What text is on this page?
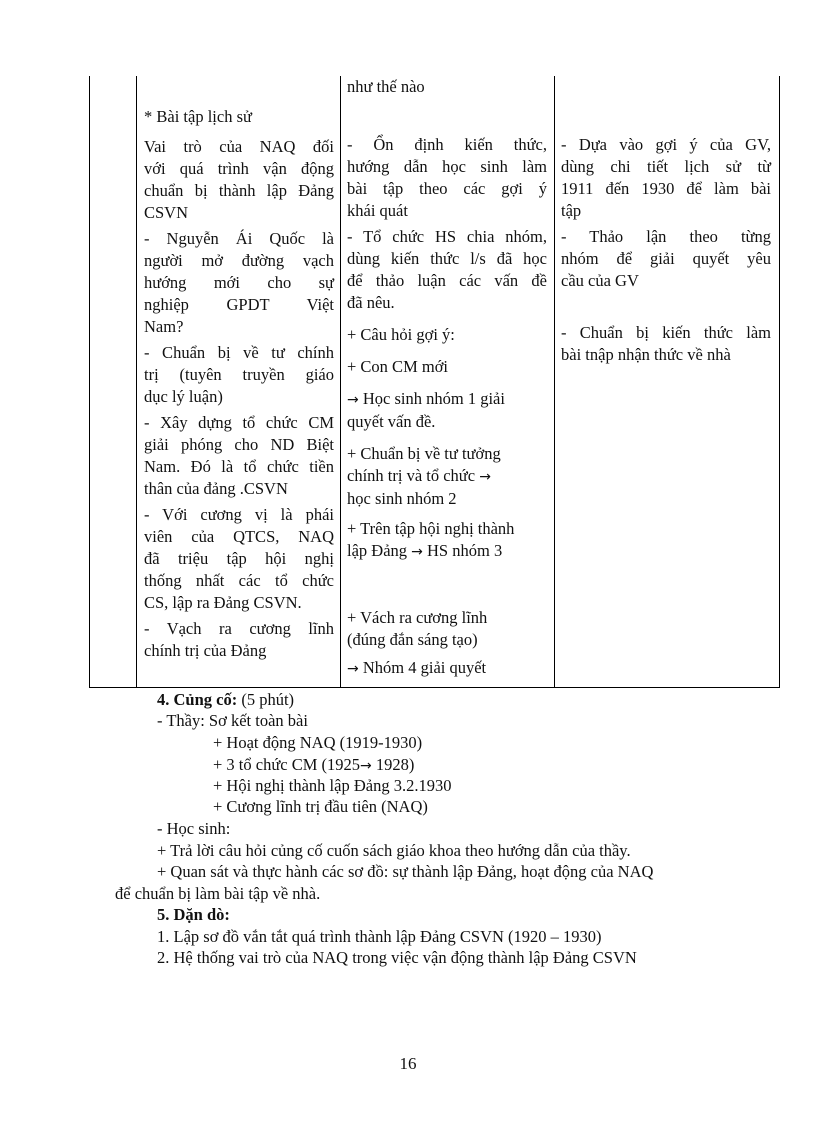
* Bài tập lịch sử

Vai trò của NAQ đối

với quá trình vận động

chuẩn bị thành lập Đảng

CSVN

- Nguyễn Ái Quốc là

người mở đường vạch

hướng mới cho sự

nghiệp GPDT Việt

Nam?

- Chuẩn bị về tư chính

trị (tuyên truyền giáo

dục lý luận)

- Xây dựng tổ chức CM

giải phóng cho ND Biệt

Nam. Đó là tổ chức tiền

thân của đảng .CSVN

- Với cương vị là phái

viên của QTCS, NAQ

đã triệu tập hội nghị

thống nhất các tổ chức

CS, lập ra Đảng CSVN.

- Vạch ra cương lĩnh

chính trị của Đảng

như thế nào

- Ổn định kiến thức,

hướng dẫn học sinh làm

bài tập theo các gợi ý

khái quát

- Tổ chức HS chia nhóm,

dùng kiến thức l/s đã học

để thảo luận các vấn đề

đã nêu.

+ Câu hỏi gợi ý:

+ Con CM mới

→ Học sinh nhóm 1 giải

quyết vấn đề.

+ Chuẩn bị về tư tưởng

chính trị và tổ chức →

học sinh nhóm 2

+ Trên tập hội nghị thành

lập Đảng → HS nhóm 3

+ Vách ra cương lĩnh

(đúng đắn sáng tạo)

→ Nhóm 4 giải quyết

- Dựa vào gợi ý của GV,

dùng chi tiết lịch sử từ

1911 đến 1930 để làm bài

tập

- Thảo lận theo từng

nhóm để giải quyết yêu

cầu của GV

- Chuẩn bị kiến thức làm

bài tnập nhận thức về nhà

4. Củng cố: (5 phút)
- Thầy: Sơ kết toàn bài
+ Hoạt động NAQ (1919-1930)
+ 3 tổ chức CM (1925→ 1928)
+ Hội nghị thành lập Đảng 3.2.1930
+ Cương lĩnh trị đầu tiên (NAQ)
- Học sinh:
+ Trả lời câu hỏi củng cố cuốn sách giáo khoa theo hướng dẫn của thầy.
+ Quan sát và thực hành các sơ đồ: sự thành lập Đảng, hoạt động của NAQ
để chuẩn bị làm bài tập về nhà.
5. Dặn dò:
1. Lập sơ đồ vắn tắt quá trình thành lập Đảng CSVN (1920 – 1930)
2. Hệ thống vai trò của NAQ trong việc vận động thành lập Đảng CSVN
16
